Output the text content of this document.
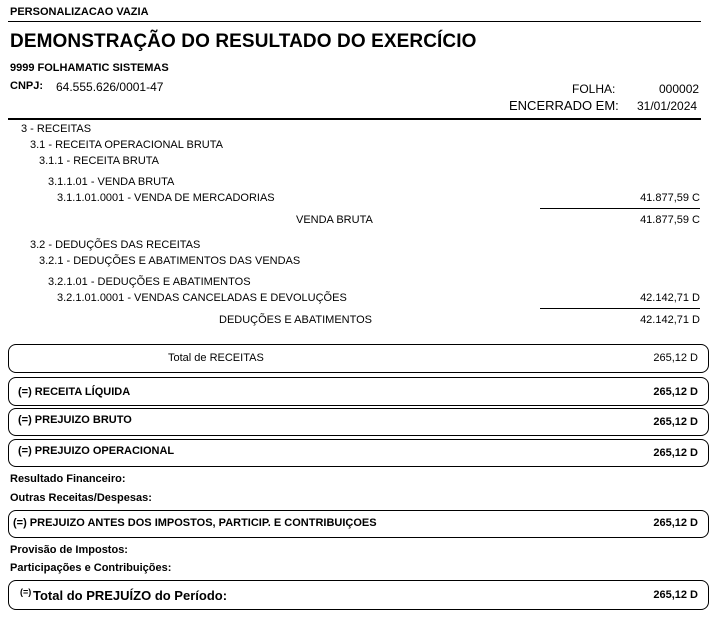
PERSONALIZACAO VAZIA
DEMONSTRAÇÃO DO RESULTADO DO EXERCÍCIO
9999 FOLHAMATIC SISTEMAS
CNPJ: 64.555.626/0001-47	FOLHA:	000002
ENCERRADO EM: 31/01/2024
3 - RECEITAS
3.1 - RECEITA OPERACIONAL BRUTA
3.1.1 - RECEITA BRUTA
3.1.1.01 - VENDA BRUTA
3.1.1.01.0001 - VENDA DE MERCADORIAS	41.877,59 C
VENDA BRUTA	41.877,59 C
3.2 - DEDUÇÕES DAS RECEITAS
3.2.1 - DEDUÇÕES E ABATIMENTOS DAS VENDAS
3.2.1.01 - DEDUÇÕES E ABATIMENTOS
3.2.1.01.0001 - VENDAS CANCELADAS E DEVOLUÇÕES	42.142,71 D
DEDUÇÕES E ABATIMENTOS	42.142,71 D
Total de RECEITAS	265,12 D
(=) RECEITA LÍQUIDA	265,12 D
(=) PREJUIZO BRUTO	265,12 D
(=) PREJUIZO OPERACIONAL	265,12 D
Resultado Financeiro:
Outras Receitas/Despesas:
(=) PREJUIZO ANTES DOS IMPOSTOS, PARTICIP. E CONTRIBUIÇOES	265,12 D
Provisão de Impostos:
Participações e Contribuições:
(=) Total do PREJUÍZO do Período:	265,12 D
